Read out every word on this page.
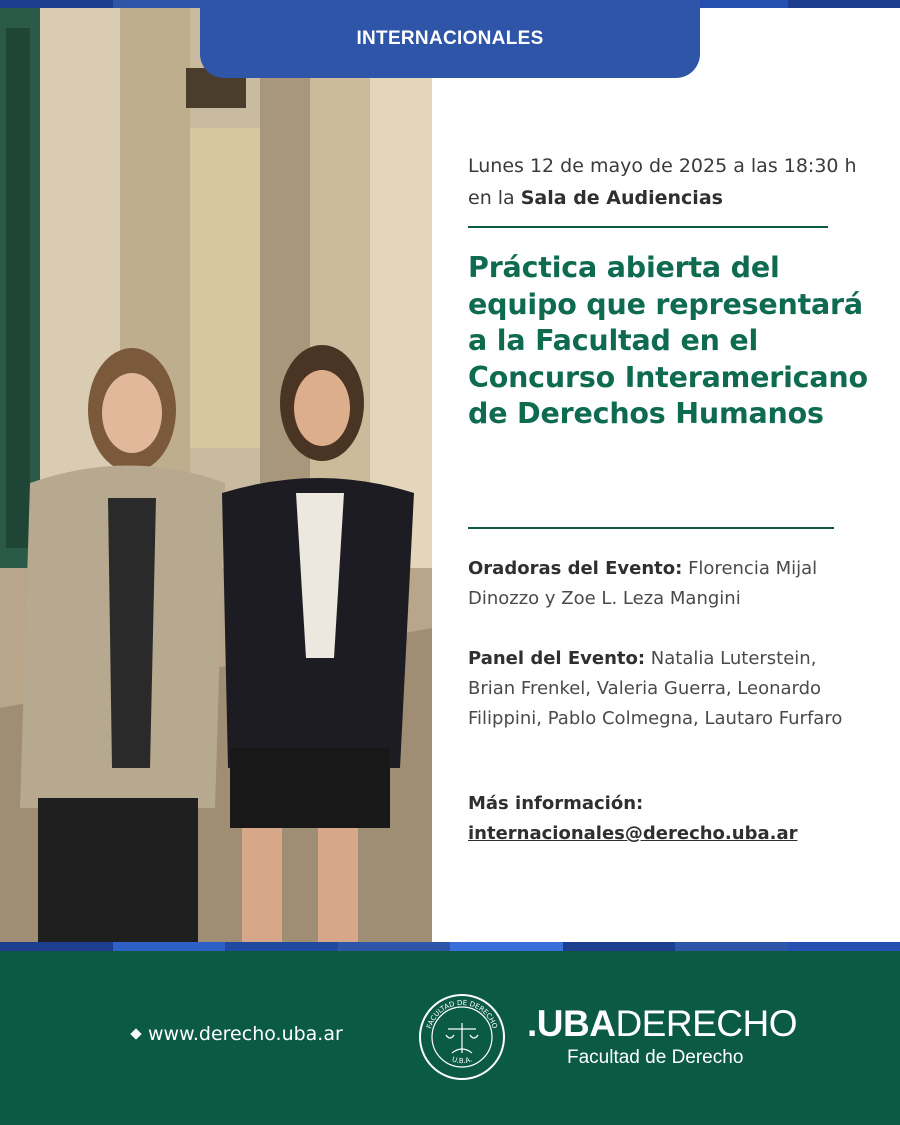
INTERNACIONALES
Lunes 12 de mayo de 2025 a las 18:30 h
en la Sala de Audiencias
Práctica abierta del equipo que representará a la Facultad en el Concurso Interamericano de Derechos Humanos
Oradoras del Evento: Florencia Mijal Dinozzo y Zoe L. Leza Mangini
Panel del Evento: Natalia Luterstein, Brian Frenkel, Valeria Guerra, Leonardo Filippini, Pablo Colmegna, Lautaro Furfaro
Más información:
internacionales@derecho.uba.ar
www.derecho.uba.ar	FACULTAD DE DERECHO
U.B.A.
.UBA DERECHO
Facultad de Derecho
